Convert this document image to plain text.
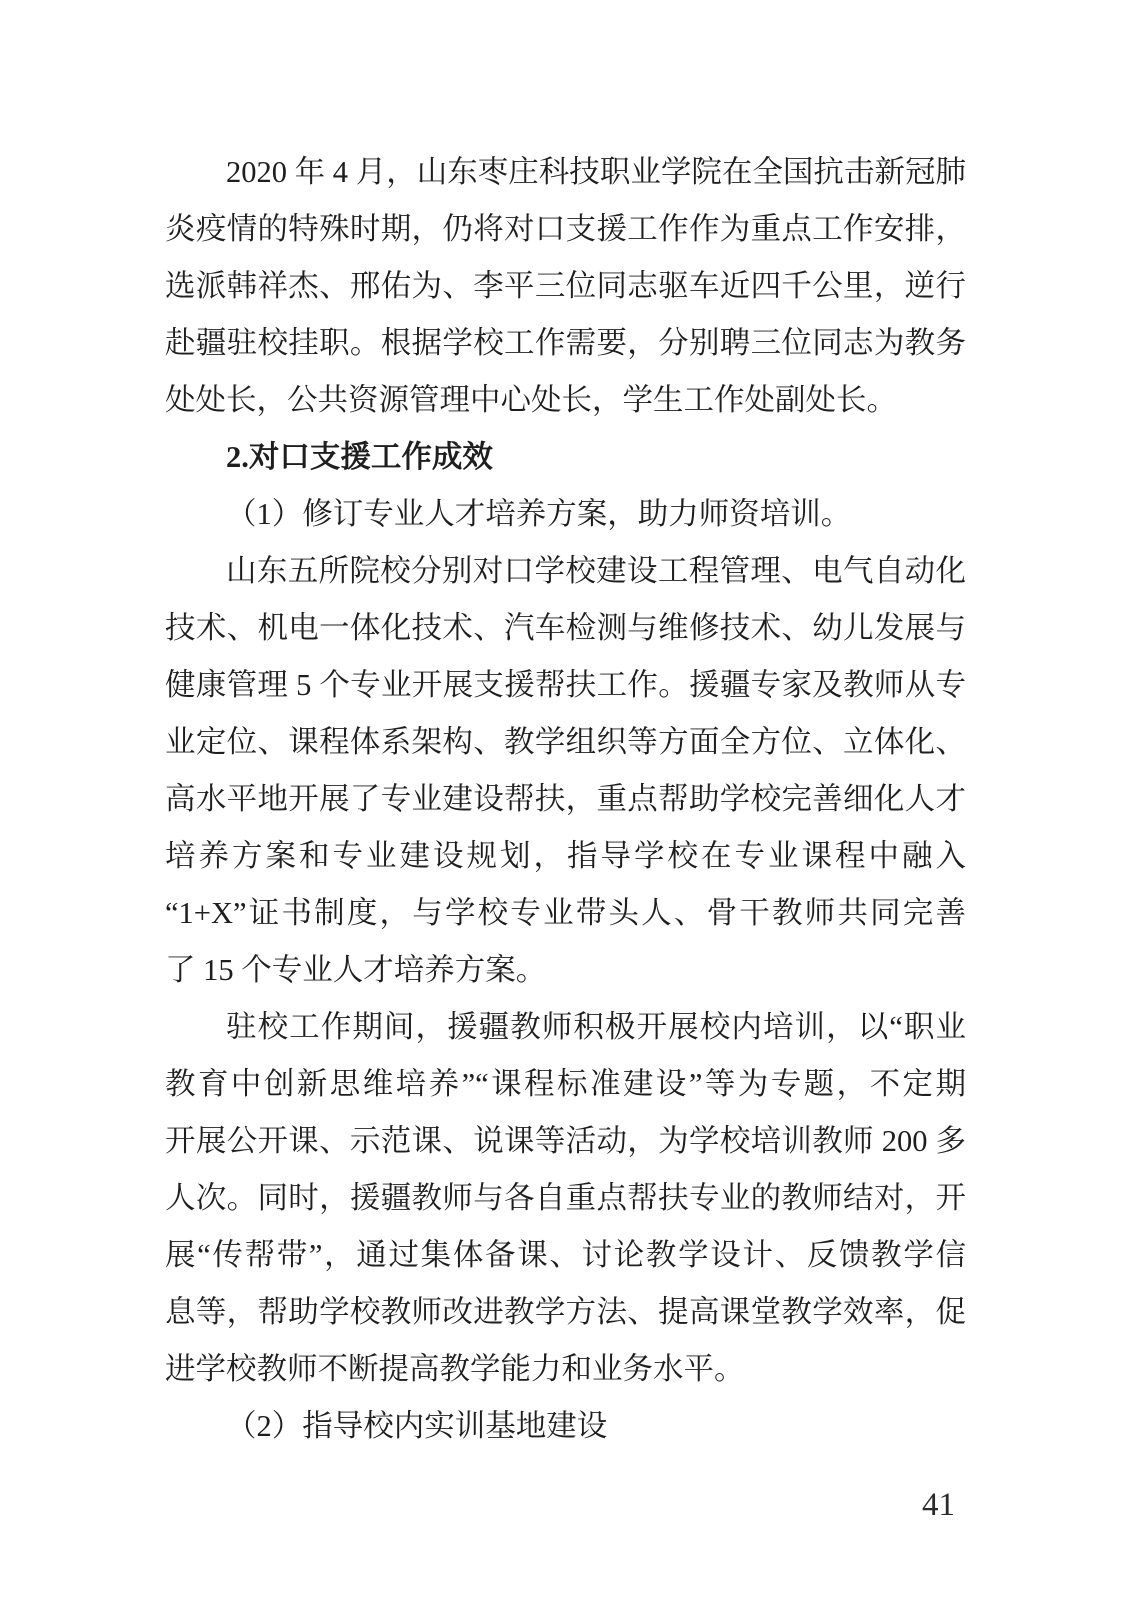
2020 年 4 月，山东枣庄科技职业学院在全国抗击新冠肺
炎疫情的特殊时期，仍将对口支援工作作为重点工作安排，
选派韩祥杰、邢佑为、李平三位同志驱车近四千公里，逆行
赴疆驻校挂职。根据学校工作需要，分别聘三位同志为教务
处处长，公共资源管理中心处长，学生工作处副处长。
2.对口支援工作成效
（1）修订专业人才培养方案，助力师资培训。
山东五所院校分别对口学校建设工程管理、电气自动化
技术、机电一体化技术、汽车检测与维修技术、幼儿发展与
健康管理 5 个专业开展支援帮扶工作。援疆专家及教师从专
业定位、课程体系架构、教学组织等方面全方位、立体化、
高水平地开展了专业建设帮扶，重点帮助学校完善细化人才
培养方案和专业建设规划，指导学校在专业课程中融入
“1+X”证书制度，与学校专业带头人、骨干教师共同完善
了 15 个专业人才培养方案。
驻校工作期间，援疆教师积极开展校内培训，以“职业
教育中创新思维培养”“课程标准建设”等为专题，不定期
开展公开课、示范课、说课等活动，为学校培训教师 200 多
人次。同时，援疆教师与各自重点帮扶专业的教师结对，开
展“传帮带”，通过集体备课、讨论教学设计、反馈教学信
息等，帮助学校教师改进教学方法、提高课堂教学效率，促
进学校教师不断提高教学能力和业务水平。
（2）指导校内实训基地建设
41
